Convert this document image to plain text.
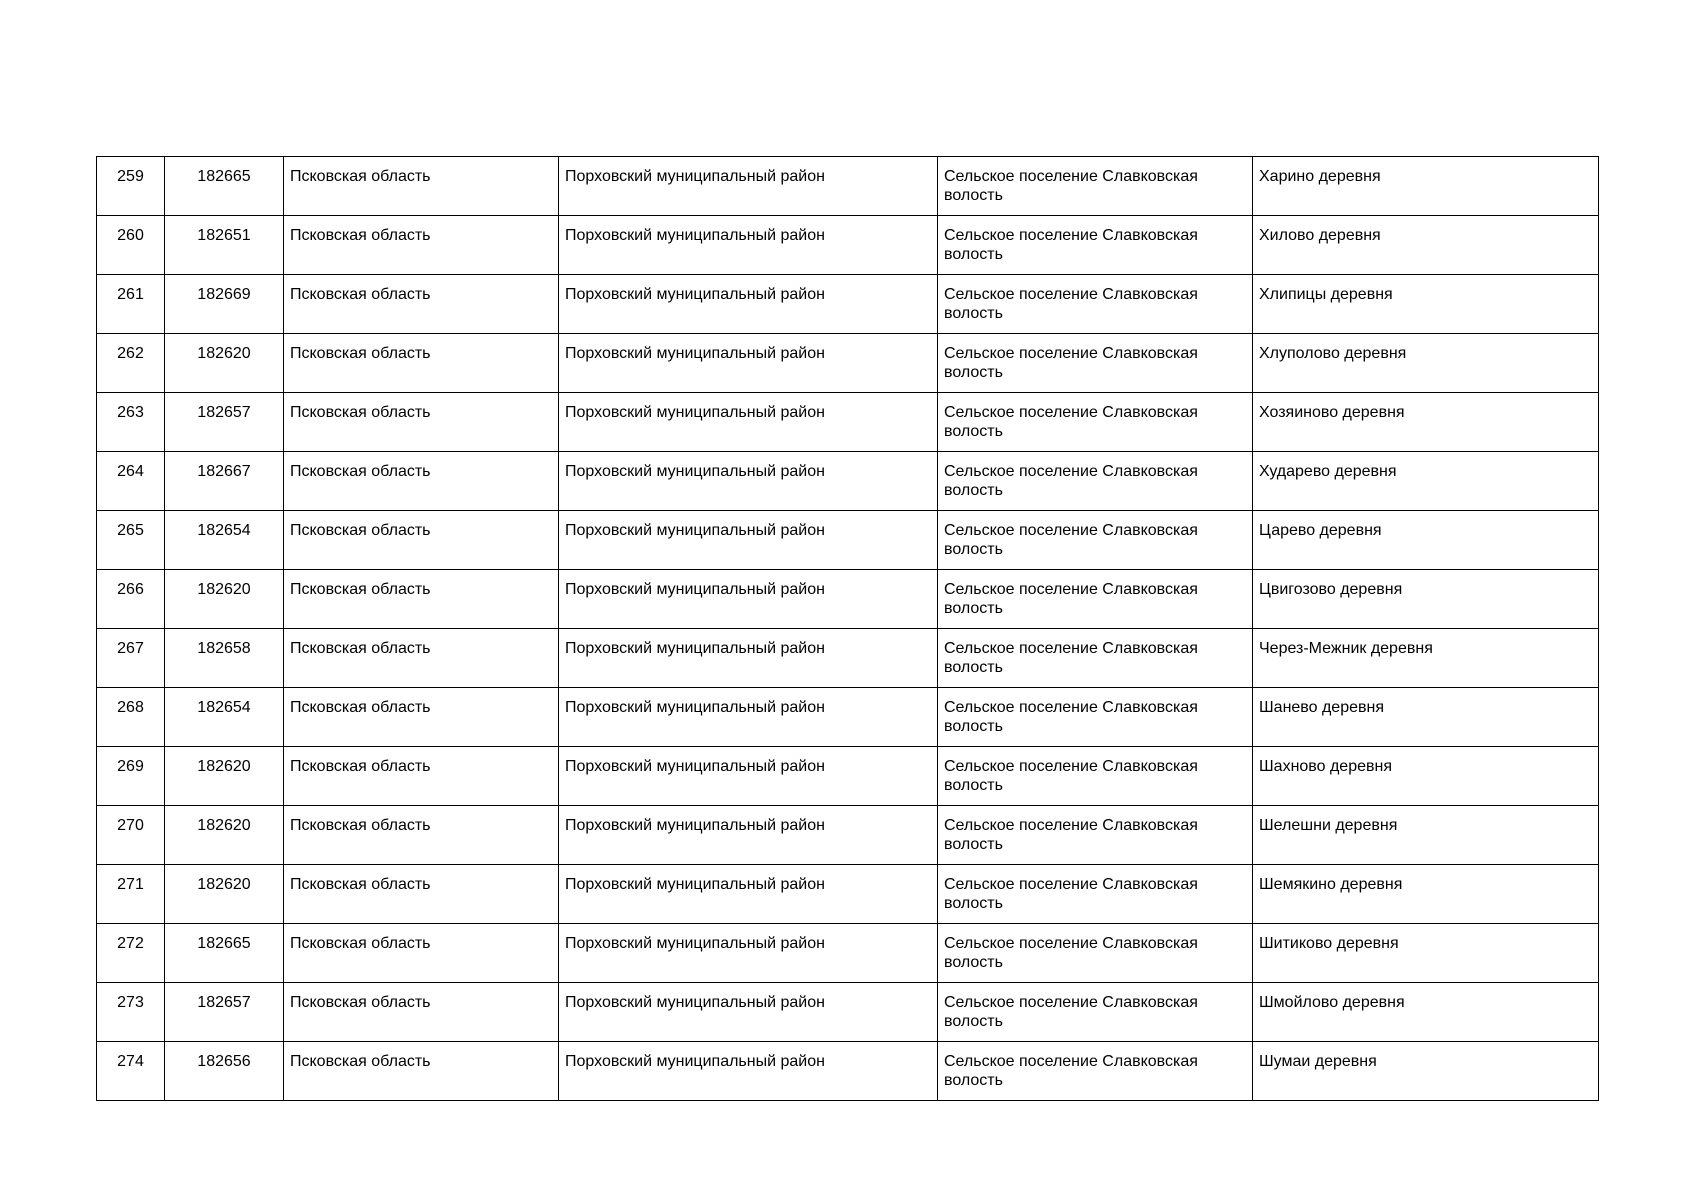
259	182665	Псковская область	Порховский муниципальный район	Сельское поселение Славковская волость	Харино деревня
260	182651	Псковская область	Порховский муниципальный район	Сельское поселение Славковская волость	Хилово деревня
261	182669	Псковская область	Порховский муниципальный район	Сельское поселение Славковская волость	Хлипицы деревня
262	182620	Псковская область	Порховский муниципальный район	Сельское поселение Славковская волость	Хлуполово деревня
263	182657	Псковская область	Порховский муниципальный район	Сельское поселение Славковская волость	Хозяиново деревня
264	182667	Псковская область	Порховский муниципальный район	Сельское поселение Славковская волость	Хударево деревня
265	182654	Псковская область	Порховский муниципальный район	Сельское поселение Славковская волость	Царево деревня
266	182620	Псковская область	Порховский муниципальный район	Сельское поселение Славковская волость	Цвигозово деревня
267	182658	Псковская область	Порховский муниципальный район	Сельское поселение Славковская волость	Через-Межник деревня
268	182654	Псковская область	Порховский муниципальный район	Сельское поселение Славковская волость	Шанево деревня
269	182620	Псковская область	Порховский муниципальный район	Сельское поселение Славковская волость	Шахново деревня
270	182620	Псковская область	Порховский муниципальный район	Сельское поселение Славковская волость	Шелешни деревня
271	182620	Псковская область	Порховский муниципальный район	Сельское поселение Славковская волость	Шемякино деревня
272	182665	Псковская область	Порховский муниципальный район	Сельское поселение Славковская волость	Шитиково деревня
273	182657	Псковская область	Порховский муниципальный район	Сельское поселение Славковская волость	Шмойлово деревня
274	182656	Псковская область	Порховский муниципальный район	Сельское поселение Славковская волость	Шумаи деревня
